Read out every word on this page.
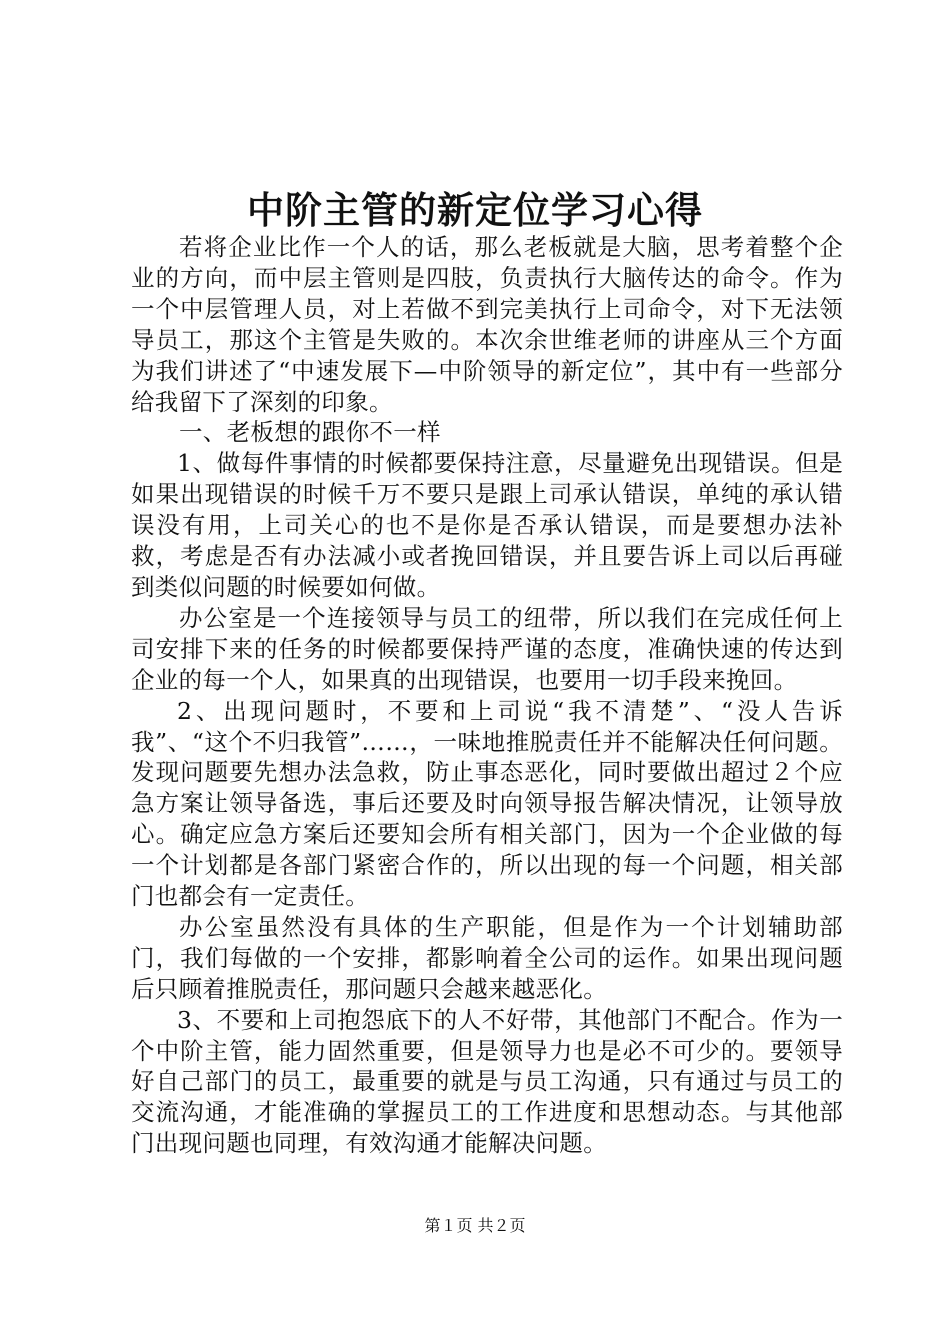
中阶主管的新定位学习心得

若将企业比作一个人的话，那么老板就是大脑，思考着整个企业的方向，而中层主管则是四肢，负责执行大脑传达的命令。作为一个中层管理人员，对上若做不到完美执行上司命令，对下无法领导员工，那这个主管是失败的。本次余世维老师的讲座从三个方面为我们讲述了“中速发展下—中阶领导的新定位”，其中有一些部分给我留下了深刻的印象。

一、老板想的跟你不一样

1、做每件事情的时候都要保持注意，尽量避免出现错误。但是如果出现错误的时候千万不要只是跟上司承认错误，单纯的承认错误没有用，上司关心的也不是你是否承认错误，而是要想办法补救，考虑是否有办法减小或者挽回错误，并且要告诉上司以后再碰到类似问题的时候要如何做。

办公室是一个连接领导与员工的纽带，所以我们在完成任何上司安排下来的任务的时候都要保持严谨的态度，准确快速的传达到企业的每一个人，如果真的出现错误，也要用一切手段来挽回。

2、出现问题时，不要和上司说“我不清楚”、“没人告诉我”、“这个不归我管”……，一味地推脱责任并不能解决任何问题。发现问题要先想办法急救，防止事态恶化，同时要做出超过２个应急方案让领导备选，事后还要及时向领导报告解决情况，让领导放心。确定应急方案后还要知会所有相关部门，因为一个企业做的每一个计划都是各部门紧密合作的，所以出现的每一个问题，相关部门也都会有一定责任。

办公室虽然没有具体的生产职能，但是作为一个计划辅助部门，我们每做的一个安排，都影响着全公司的运作。如果出现问题后只顾着推脱责任，那问题只会越来越恶化。

3、不要和上司抱怨底下的人不好带，其他部门不配合。作为一个中阶主管，能力固然重要，但是领导力也是必不可少的。要领导好自己部门的员工，最重要的就是与员工沟通，只有通过与员工的交流沟通，才能准确的掌握员工的工作进度和思想动态。与其他部门出现问题也同理，有效沟通才能解决问题。

第１页 共２页
